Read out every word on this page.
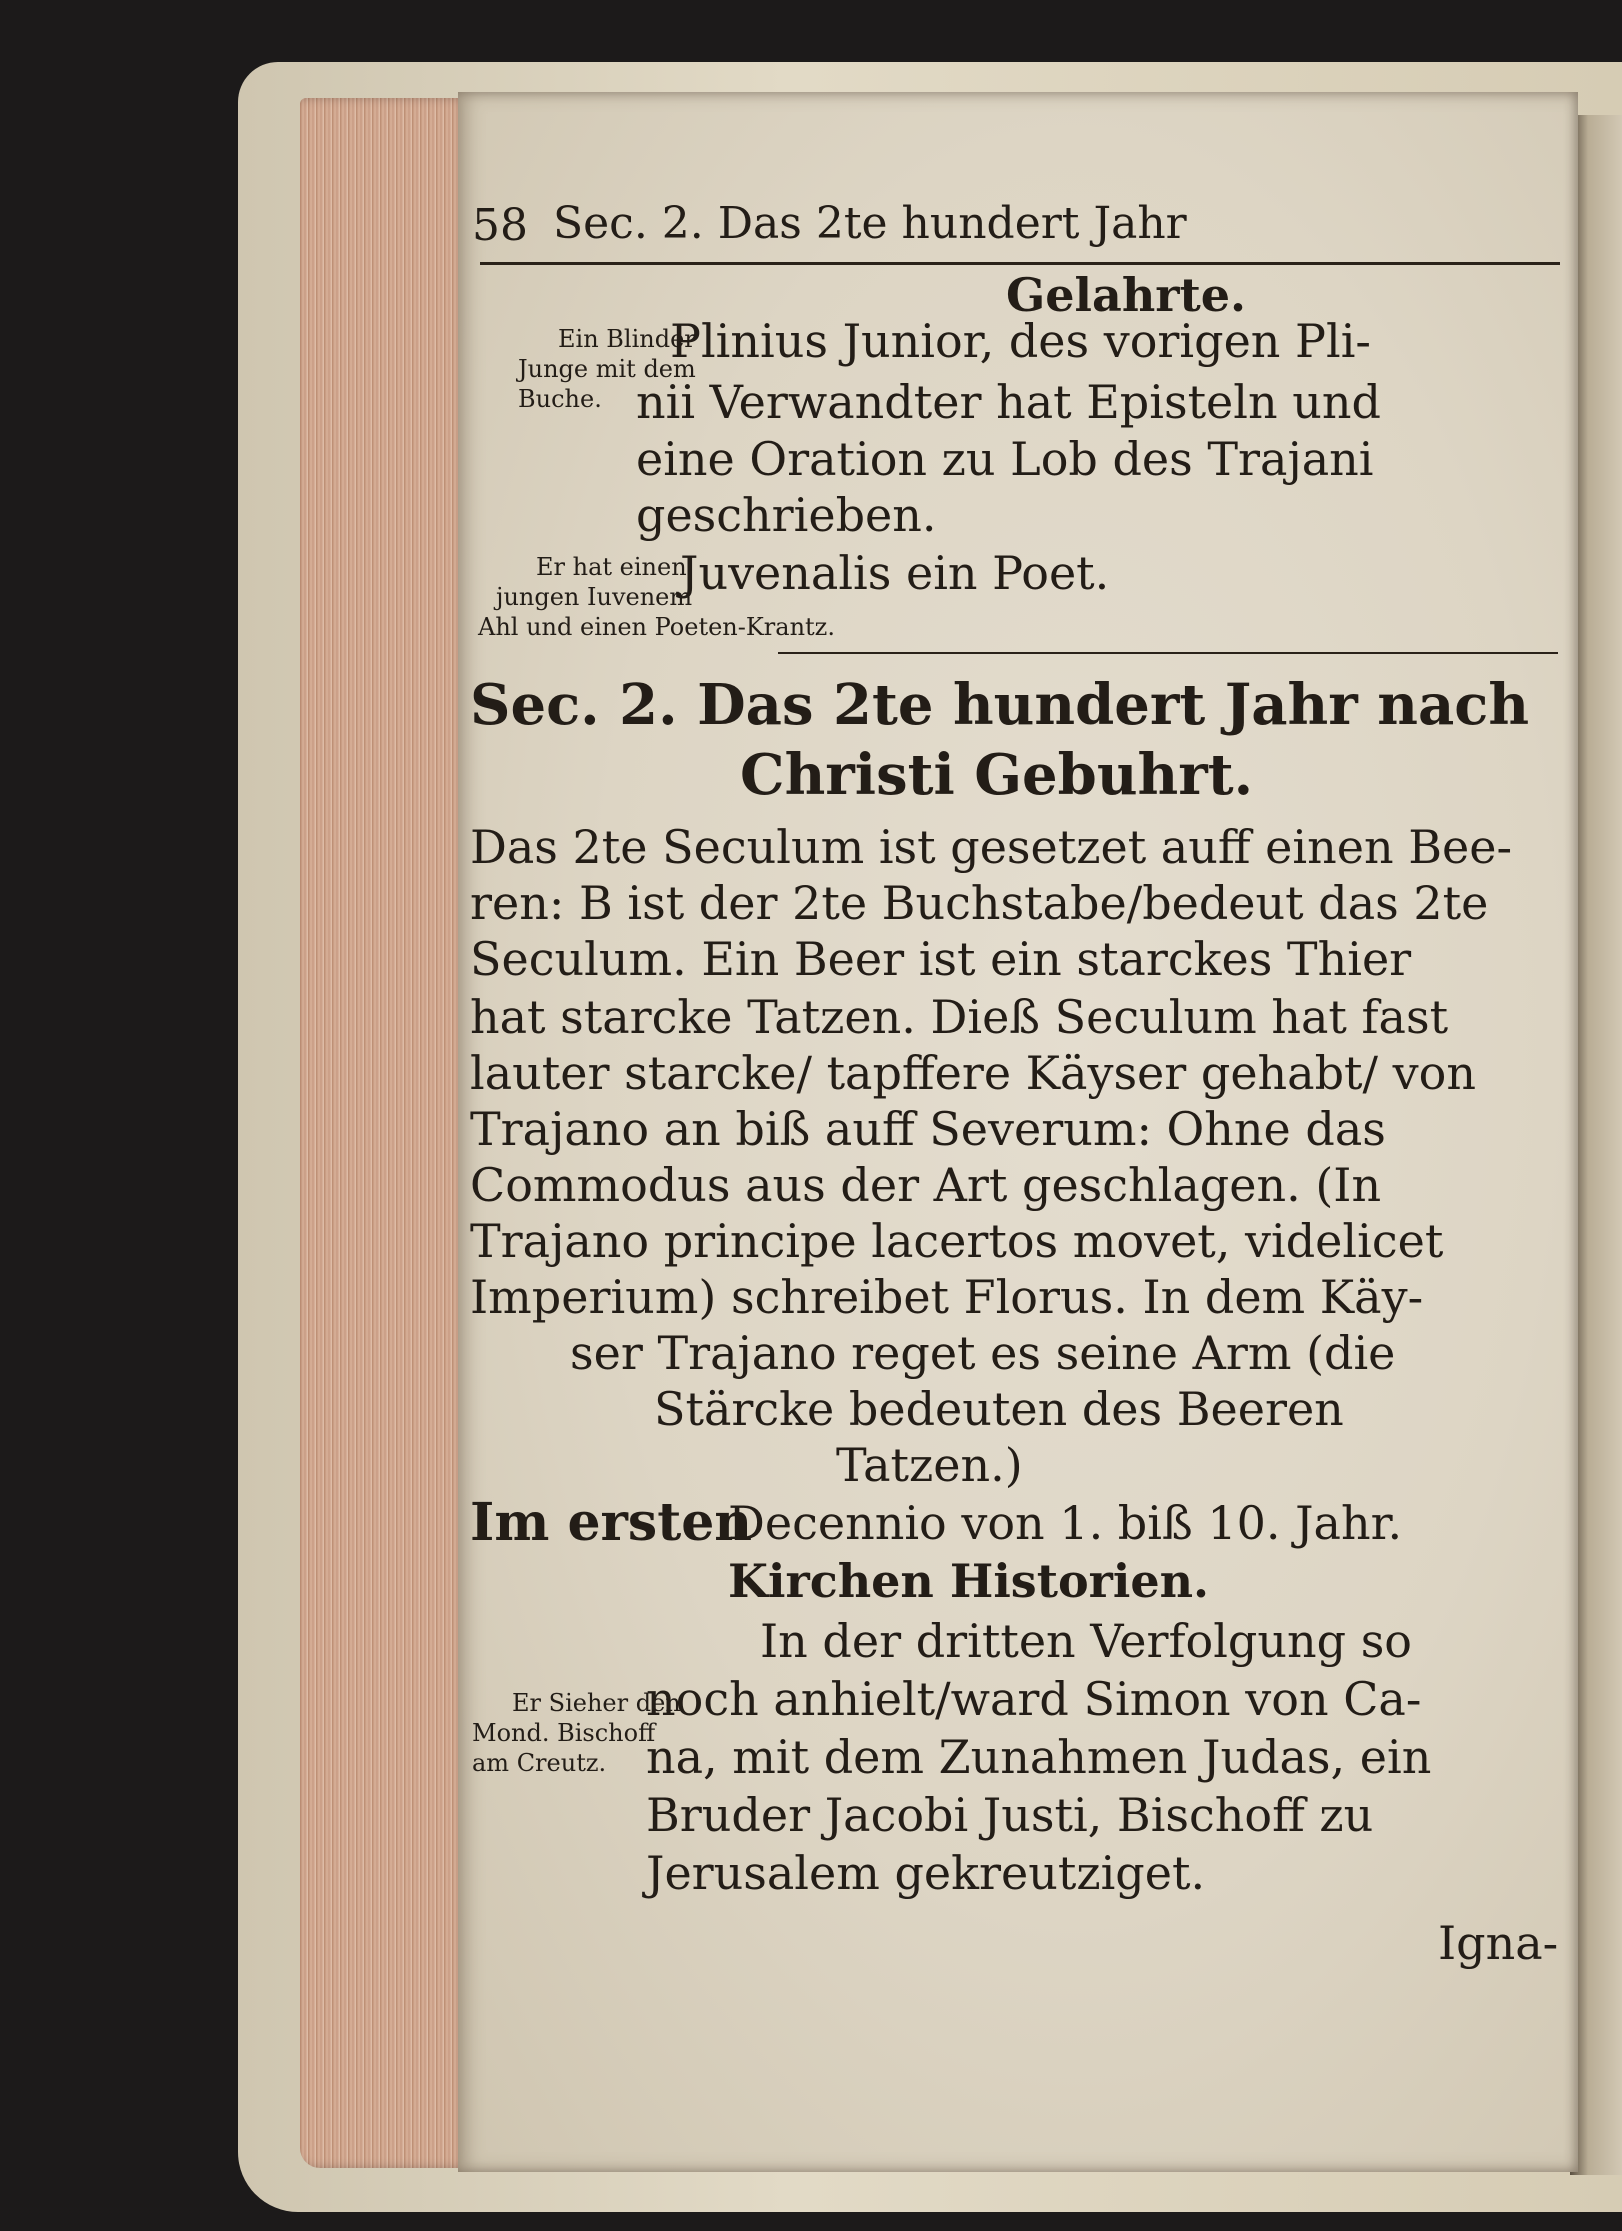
58 Sec. 2. Das 2te hundert Jahr
Gelahrte.
Ein Blinder
Junge mit dem
Buche.
Plinius Junior, des vorigen Pli-
nii Verwandter hat Episteln und
eine Oration zu Lob des Trajani
geschrieben.
Er hat einen
jungen Iuvenem
Juvenalis ein Poet.
Ahl und einen Poeten-Krantz.
Sec. 2. Das 2te hundert Jahr nach
Christi Gebuhrt.
Das 2te Seculum ist gesetzet auff einen Bee-
ren: B ist der 2te Buchstabe/bedeut das 2te
Seculum. Ein Beer ist ein starckes Thier
hat starcke Tatzen. Dieß Seculum hat fast
lauter starcke/ tapffere Käyser gehabt/ von
Trajano an biß auff Severum: Ohne das
Commodus aus der Art geschlagen. (In
Trajano principe lacertos movet, videlicet
Imperium) schreibet Florus. In dem Käy-
ser Trajano reget es seine Arm (die
Stärcke bedeuten des Beeren
Tatzen.)
Im ersten
Decennio von 1. biß 10. Jahr.
Kirchen Historien.
In der dritten Verfolgung so
noch anhielt/ward Simon von Ca-
na, mit dem Zunahmen Judas, ein
Bruder Jacobi Justi, Bischoff zu
Jerusalem gekreutziget.
Er Sieher den
Mond. Bischoff
am Creutz.
Igna-
